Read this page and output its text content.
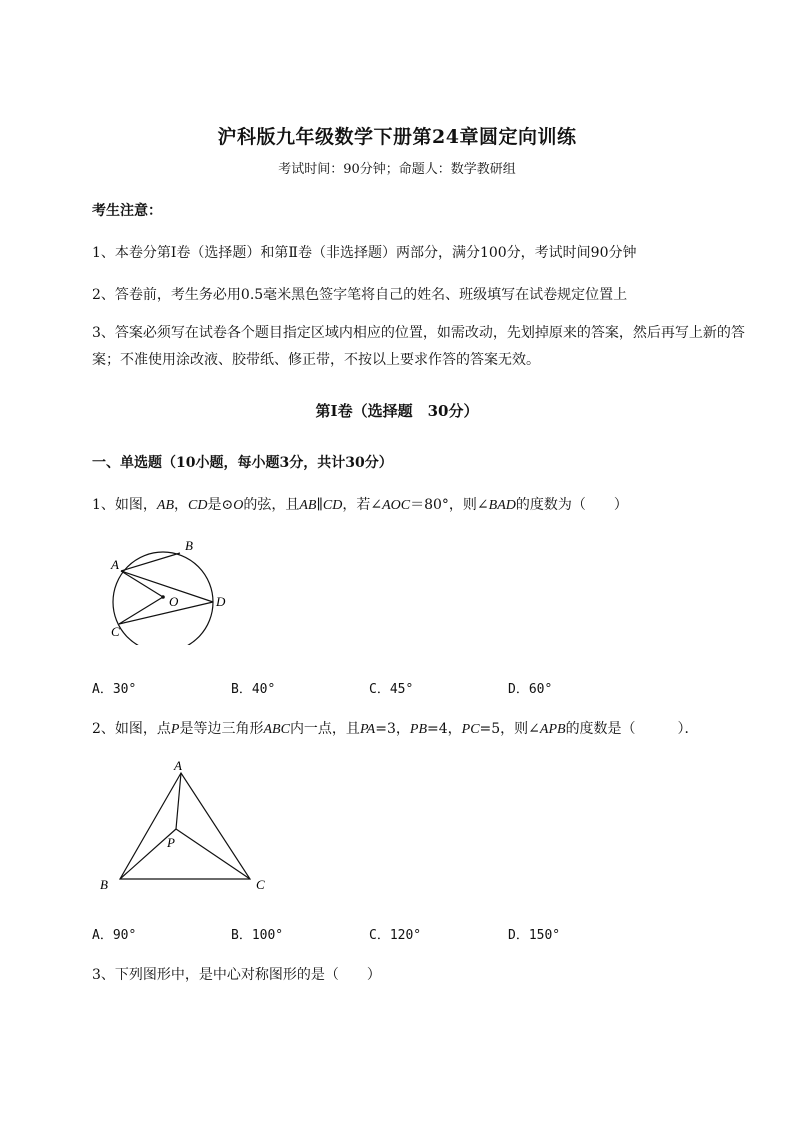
沪科版九年级数学下册第24章圆定向训练
考试时间：90分钟；命题人：数学教研组
考生注意：
1、本卷分第I卷（选择题）和第Ⅱ卷（非选择题）两部分，满分100分，考试时间90分钟
2、答卷前，考生务必用0.5毫米黑色签字笔将自己的姓名、班级填写在试卷规定位置上
3、答案必须写在试卷各个题目指定区域内相应的位置，如需改动，先划掉原来的答案，然后再写上新的答案；不准使用涂改液、胶带纸、修正带，不按以上要求作答的答案无效。
第I卷（选择题　30分）
一、单选题（10小题，每小题3分，共计30分）
1、如图，AB，CD是⊙O的弦，且AB∥CD，若∠AOC＝80°，则∠BAD的度数为（　　）
A
B
C
D
O
A．30°	B．40°	C．45°	D．60°
2、如图，点P是等边三角形ABC内一点，且PA=3，PB=4，PC=5，则∠APB的度数是（　　　）．
A
B	C
P
A．90°	B．100°	C．120°	D．150°
3、下列图形中，是中心对称图形的是（　　）
